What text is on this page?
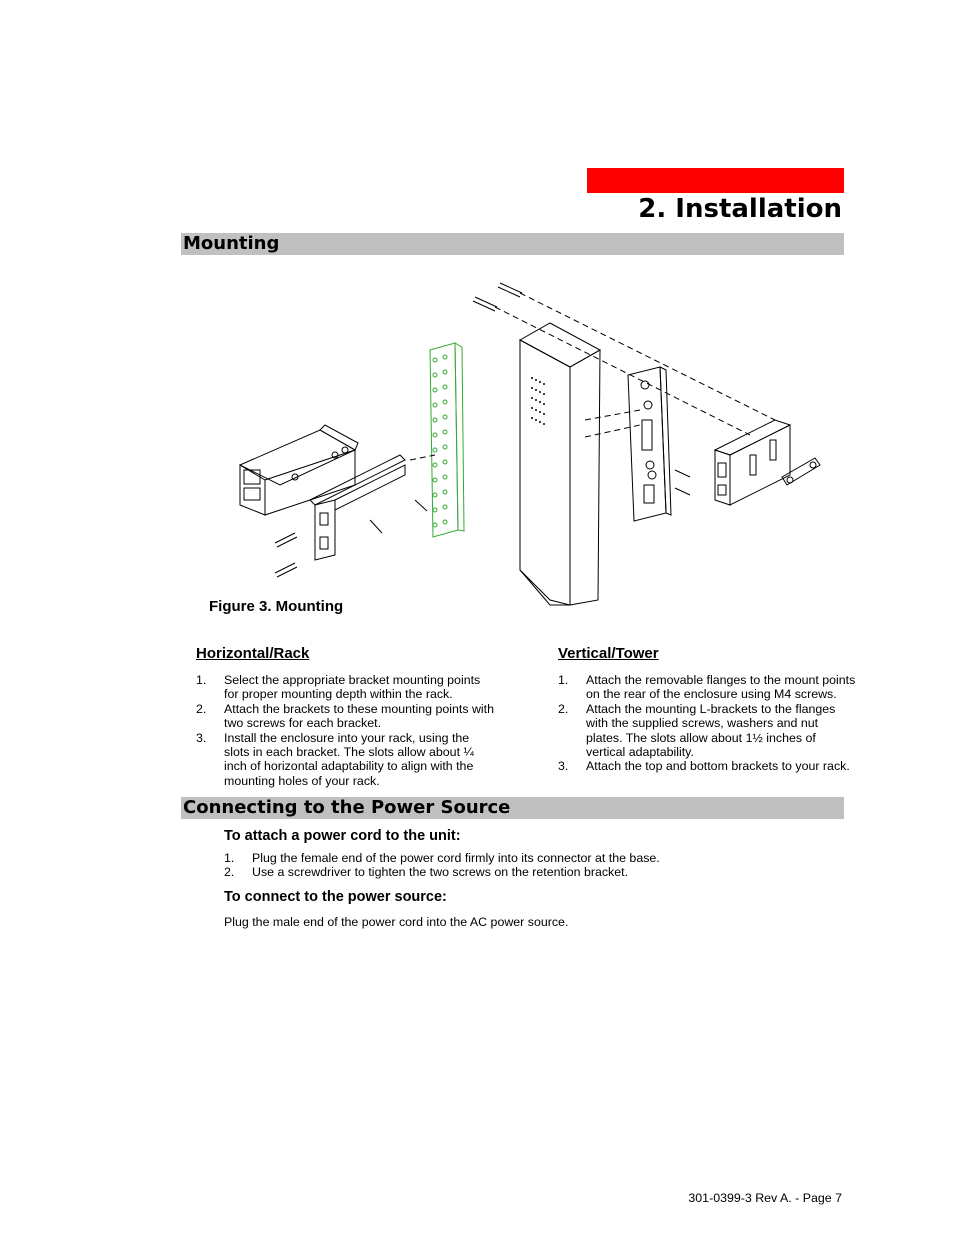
2. Installation
Mounting
Figure 3. Mounting
Horizontal/Rack	Vertical/Tower
1. Select the appropriate bracket mounting points for proper mounting depth within the rack.
2. Attach the brackets to these mounting points with two screws for each bracket.
3. Install the enclosure into your rack, using the slots in each bracket. The slots allow about ¼ inch of horizontal adaptability to align with the mounting holes of your rack.
1. Attach the removable flanges to the mount points on the rear of the enclosure using M4 screws.
2. Attach the mounting L-brackets to the flanges with the supplied screws, washers and nut plates. The slots allow about 1½ inches of vertical adaptability.
3. Attach the top and bottom brackets to your rack.
Connecting to the Power Source
To attach a power cord to the unit:
1. Plug the female end of the power cord firmly into its connector at the base.
2. Use a screwdriver to tighten the two screws on the retention bracket.
To connect to the power source:
Plug the male end of the power cord into the AC power source.
301-0399-3 Rev A. - Page 7
